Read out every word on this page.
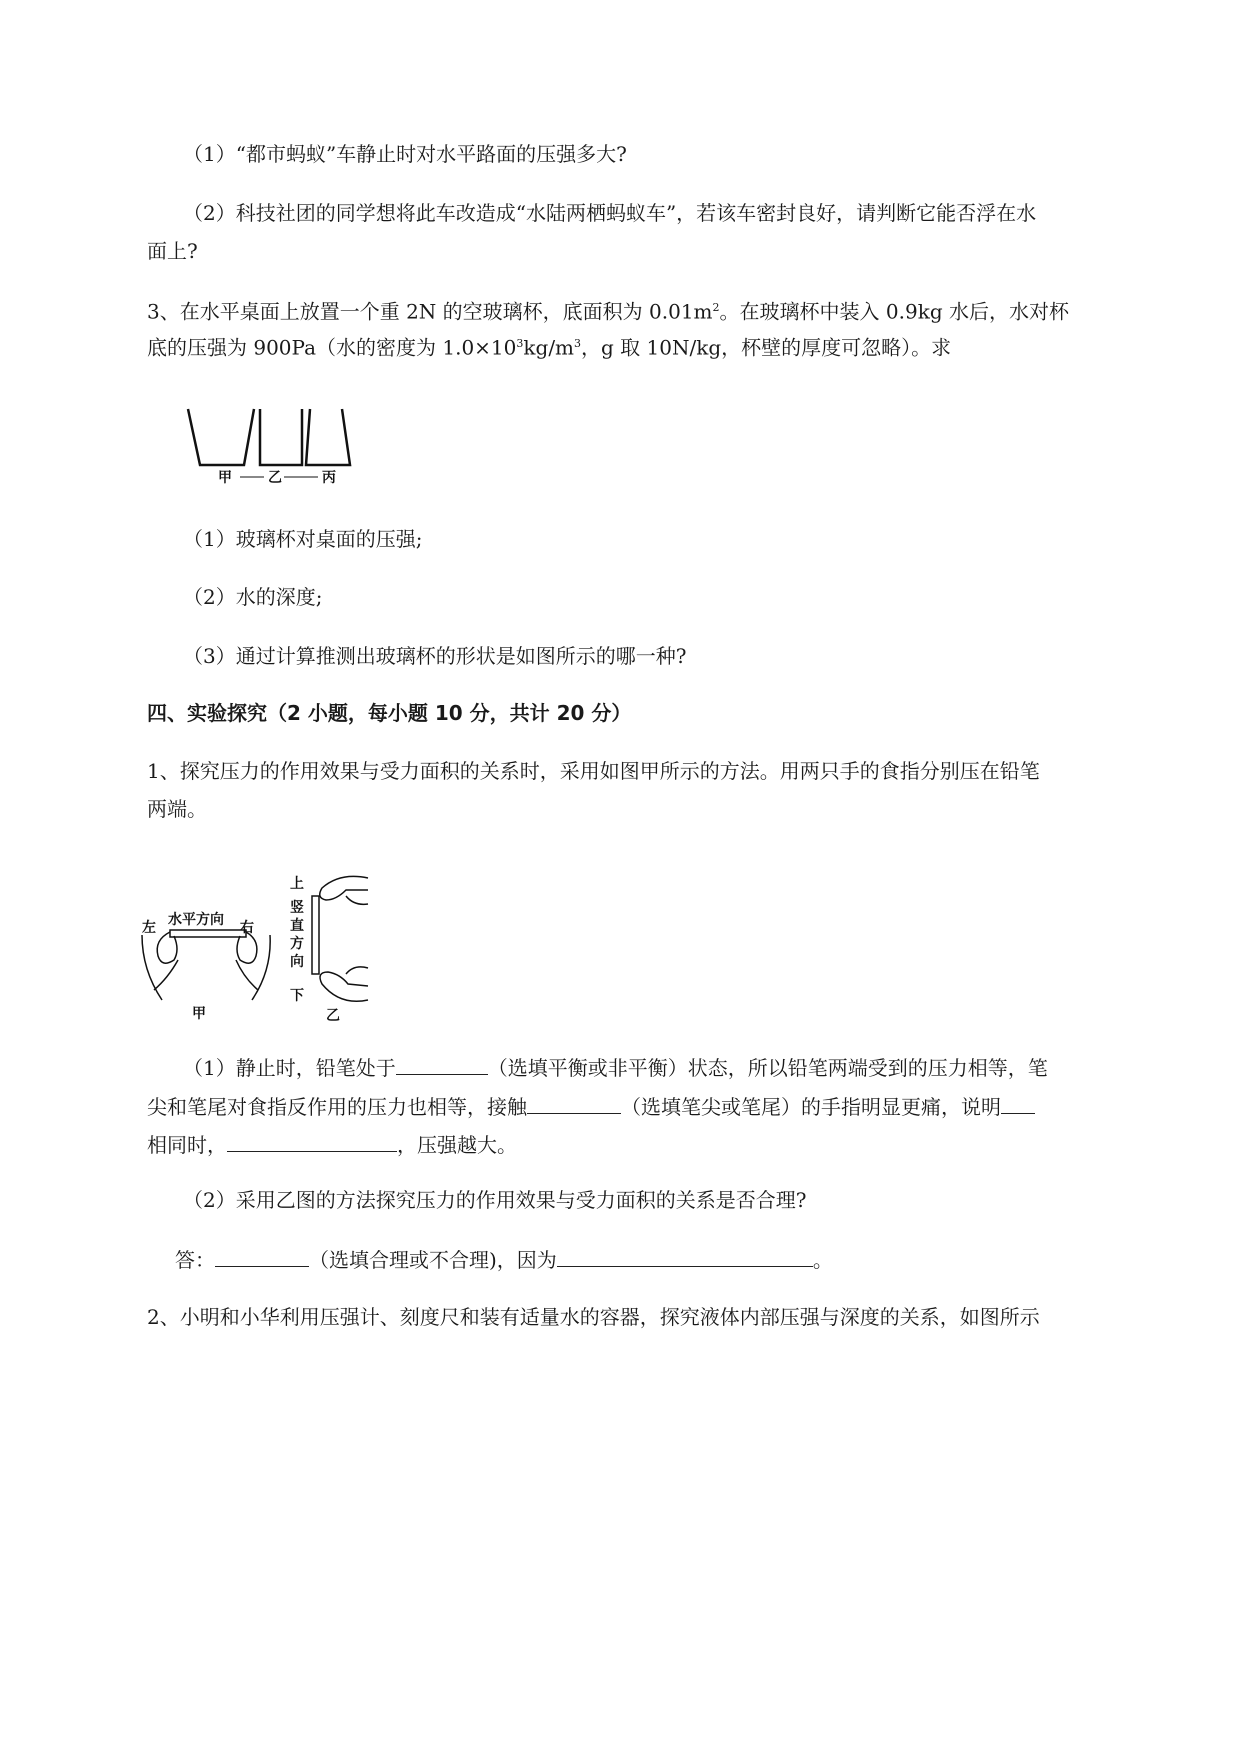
（1）“都市蚂蚁”车静止时对水平路面的压强多大?
（2）科技社团的同学想将此车改造成“水陆两栖蚂蚁车”，若该车密封良好，请判断它能否浮在水
面上?
3、在水平桌面上放置一个重 2N 的空玻璃杯，底面积为 $0.01m^2$。在玻璃杯中装入 0.9kg 水后，水对杯
底的压强为 900Pa（水的密度为 $1.0\times 10^3kg/m^3$，g 取 10N/kg，杯壁的厚度可忽略）。求
甲	乙	丙
（1）玻璃杯对桌面的压强;
（2）水的深度;
（3）通过计算推测出玻璃杯的形状是如图所示的哪一种?
四、实验探究（2 小题，每小题 10 分，共计 20 分）
1、探究压力的作用效果与受力面积的关系时，采用如图甲所示的方法。用两只手的食指分别压在铅笔
两端。
左 水平方向 右
甲
上
竖
直
方
向
下
乙
（1）静止时，铅笔处于	（选填平衡或非平衡）状态，所以铅笔两端受到的压力相等，笔
尖和笔尾对食指反作用的压力也相等，接触	（选填笔尖或笔尾）的手指明显更痛，说明
相同时，	，压强越大。
（2）采用乙图的方法探究压力的作用效果与受力面积的关系是否合理?
答：	（选填合理或不合理)，因为	。
2、小明和小华利用压强计、刻度尺和装有适量水的容器，探究液体内部压强与深度的关系，如图所示
